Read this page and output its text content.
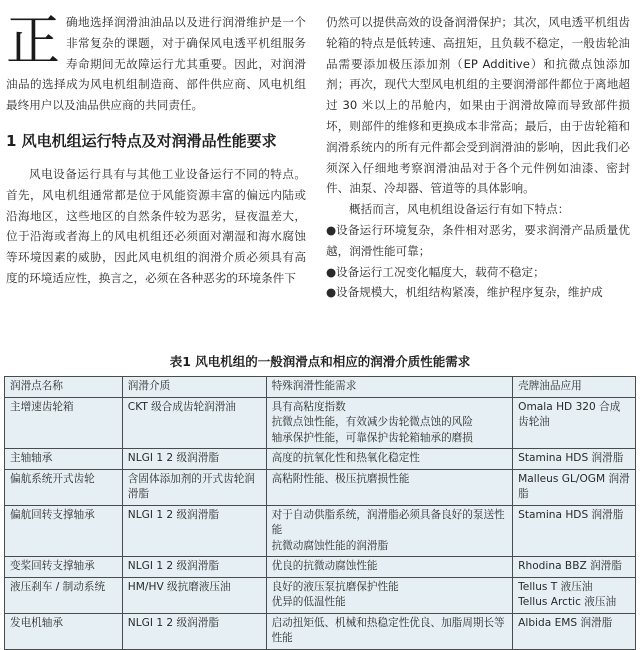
正确地选择润滑油油品以及进行润滑维护是一个非常复杂的课题，对于确保风电透平机组服务寿命期间无故障运行尤其重要。因此，对润滑油品的选择成为风电机组制造商、部件供应商、风电机组最终用户以及油品供应商的共同责任。

1 风电机组运行特点及对润滑品性能要求

风电设备运行具有与其他工业设备运行不同的特点。首先，风电机组通常都是位于风能资源丰富的偏远内陆或沿海地区，这些地区的自然条件较为恶劣，昼夜温差大，位于沿海或者海上的风电机组还必须面对潮湿和海水腐蚀等环境因素的威胁，因此风电机组的润滑介质必须具有高度的环境适应性，换言之，必须在各种恶劣的环境条件下

仍然可以提供高效的设备润滑保护；其次，风电透平机组齿轮箱的特点是低转速、高扭矩，且负载不稳定，一般齿轮油品需要添加极压添加剂（EP Additive）和抗微点蚀添加剂；再次，现代大型风电机组的主要润滑部件都位于离地超过 30 米以上的吊舱内，如果由于润滑故障而导致部件损坏，则部件的维修和更换成本非常高；最后，由于齿轮箱和润滑系统内的所有元件都会受到润滑油的影响，因此我们必须深入仔细地考察润滑油品对于各个元件例如油漆、密封件、油泵、冷却器、管道等的具体影响。

概括而言，风电机组设备运行有如下特点：

●设备运行环境复杂，条件相对恶劣，要求润滑产品质量优越，润滑性能可靠；

●设备运行工况变化幅度大，载荷不稳定；

●设备规模大，机组结构紧凑，维护程序复杂，维护成

表1 风电机组的一般润滑点和相应的润滑介质性能需求
润滑点名称	润滑介质	特殊润滑性能需求	壳牌油品应用
主增速齿轮箱	CKT 级合成齿轮润滑油	具有高粘度指数
抗微点蚀性能，有效减少齿轮微点蚀的风险
轴承保护性能，可靠保护齿轮箱轴承的磨损	Omala HD 320 合成齿轮油
主轴轴承	NLGI 1 2 级润滑脂	高度的抗氧化性和热氧化稳定性	Stamina HDS 润滑脂
偏航系统开式齿轮	含固体添加剂的开式齿轮润滑脂	高粘附性能、极压抗磨损性能	Malleus GL/OGM 润滑脂
偏航回转支撑轴承	NLGI 1 2 级润滑脂	对于自动供脂系统，润滑脂必须具备良好的泵送性能
抗微动腐蚀性能的润滑脂	Stamina HDS 润滑脂
变桨回转支撑轴承	NLGI 1 2 级润滑脂	优良的抗微动腐蚀性能	Rhodina BBZ 润滑脂
液压刹车 / 制动系统	HM/HV 级抗磨液压油	良好的液压泵抗磨保护性能
优异的低温性能	Tellus T 液压油
Tellus Arctic 液压油
发电机轴承	NLGI 1 2 级润滑脂	启动扭矩低、机械和热稳定性优良、加脂周期长等性能	Albida EMS 润滑脂
